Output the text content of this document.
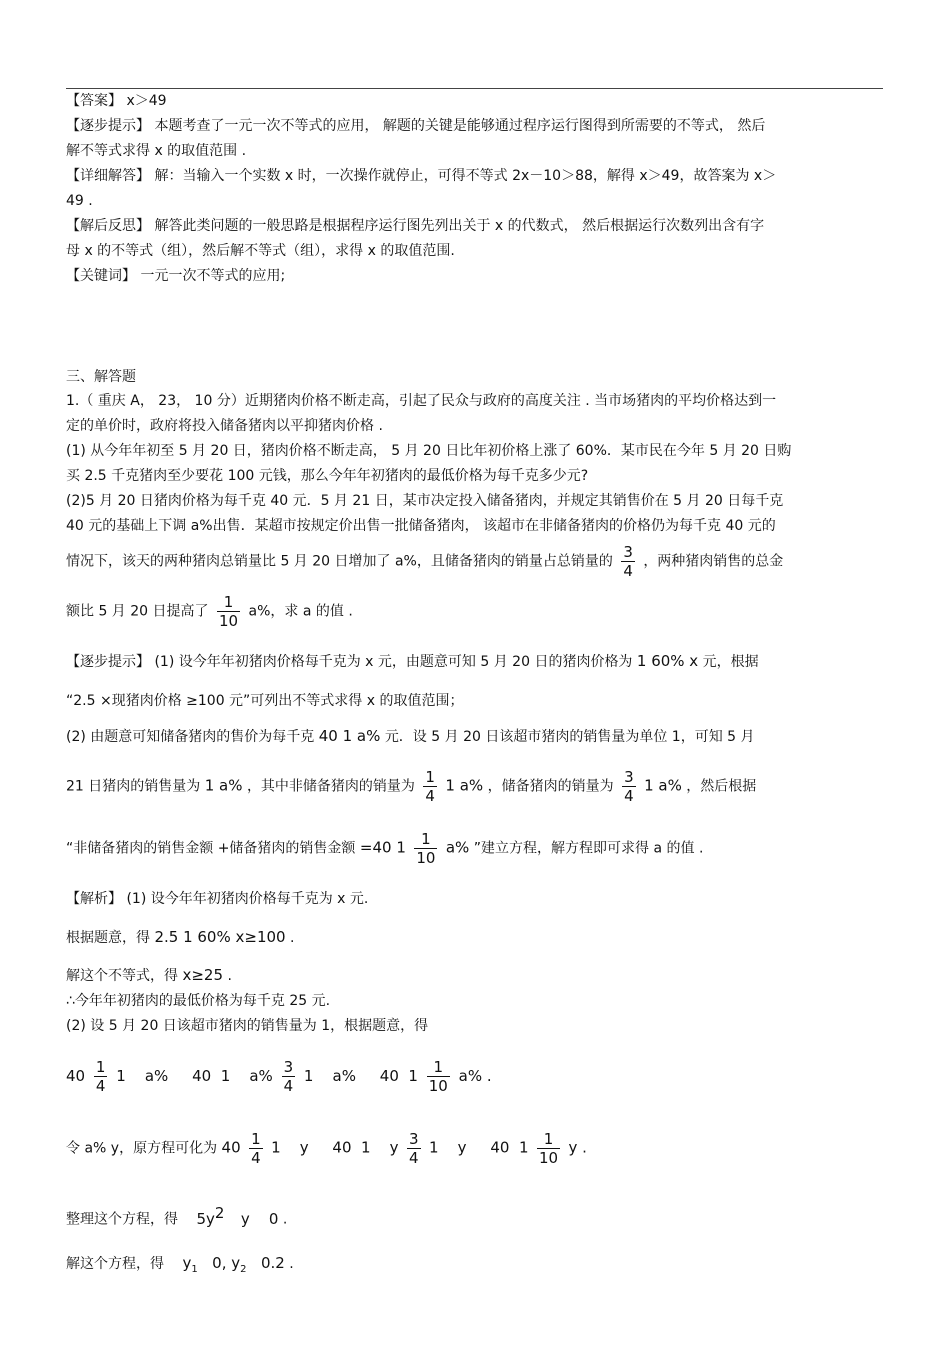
【答案】 x＞49
【逐步提示】 本题考查了一元一次不等式的应用， 解题的关键是能够通过程序运行图得到所需要的不等式， 然后
解不等式求得 x 的取值范围 .
【详细解答】 解：当输入一个实数 x 时，一次操作就停止，可得不等式 2x－10＞88，解得 x＞49，故答案为 x＞
49 .
【解后反思】 解答此类问题的一般思路是根据程序运行图先列出关于 x 的代数式， 然后根据运行次数列出含有字
母 x 的不等式（组），然后解不等式（组），求得 x 的取值范围.
【关键词】 一元一次不等式的应用;
三、解答题
1.（ 重庆 A， 23， 10 分）近期猪肉价格不断走高，引起了民众与政府的高度关注 . 当市场猪肉的平均价格达到一
定的单价时，政府将投入储备猪肉以平抑猪肉价格 .
(1) 从今年年初至 5 月 20 日，猪肉价格不断走高， 5 月 20 日比年初价格上涨了 60%．某市民在今年 5 月 20 日购
买 2.5 千克猪肉至少要花 100 元钱，那么今年年初猪肉的最低价格为每千克多少元?
(2)5 月 20 日猪肉价格为每千克 40 元．5 月 21 日，某市决定投入储备猪肉，并规定其销售价在 5 月 20 日每千克
40 元的基础上下调 a%出售．某超市按规定价出售一批储备猪肉， 该超市在非储备猪肉的价格仍为每千克 40 元的
情况下，该天的两种猪肉总销量比 5 月 20 日增加了 a%，且储备猪肉的销量占总销量的 $\frac{3}{4}$ ，两种猪肉销售的总金
额比 5 月 20 日提高了 $\frac{1}{10} a\%$，求 a 的值 .
【逐步提示】 (1) 设今年年初猪肉价格每千克为 x 元，由题意可知 5 月 20 日的猪肉价格为 1 60% x 元，根据
“2.5 ×现猪肉价格 ≥100 元”可列出不等式求得 x 的取值范围；
(2) 由题意可知储备猪肉的售价为每千克 40 1 a% 元．设 5 月 20 日该超市猪肉的销售量为单位 1，可知 5 月
21 日猪肉的销售量为 1 a% ，其中非储备猪肉的销量为 $\frac{1}{4} 1$ a% ，储备猪肉的销量为 $\frac{3}{4} 1$ a% ，然后根据
“非储备猪肉的销售金额 +储备猪肉的销售金额 =40 $1 \frac{1}{10} a\%$ ”建立方程，解方程即可求得 a 的值 .
【解析】 (1) 设今年年初猪肉价格每千克为 x 元.
根据题意，得 2.5 1 60% x≥100 .
解这个不等式，得 x≥25 .
∴今年年初猪肉的最低价格为每千克 25 元.
(2) 设 5 月 20 日该超市猪肉的销售量为 1，根据题意，得
$40 \frac{1}{4} 1$    a%     40  1    $a\% \frac{3}{4} 1$    a%     40  $1 \frac{1}{10} a\%$ .
令 a% y，原方程可化为 $40 \frac{1}{4} 1$    y     40  1    y $\frac{3}{4} 1$    y     40  $1 \frac{1}{10}$ y .
整理这个方程，得 $5y^2$ y    0 .
解这个方程，得 $y_1$ 0, $y_2$ 0.2 .
